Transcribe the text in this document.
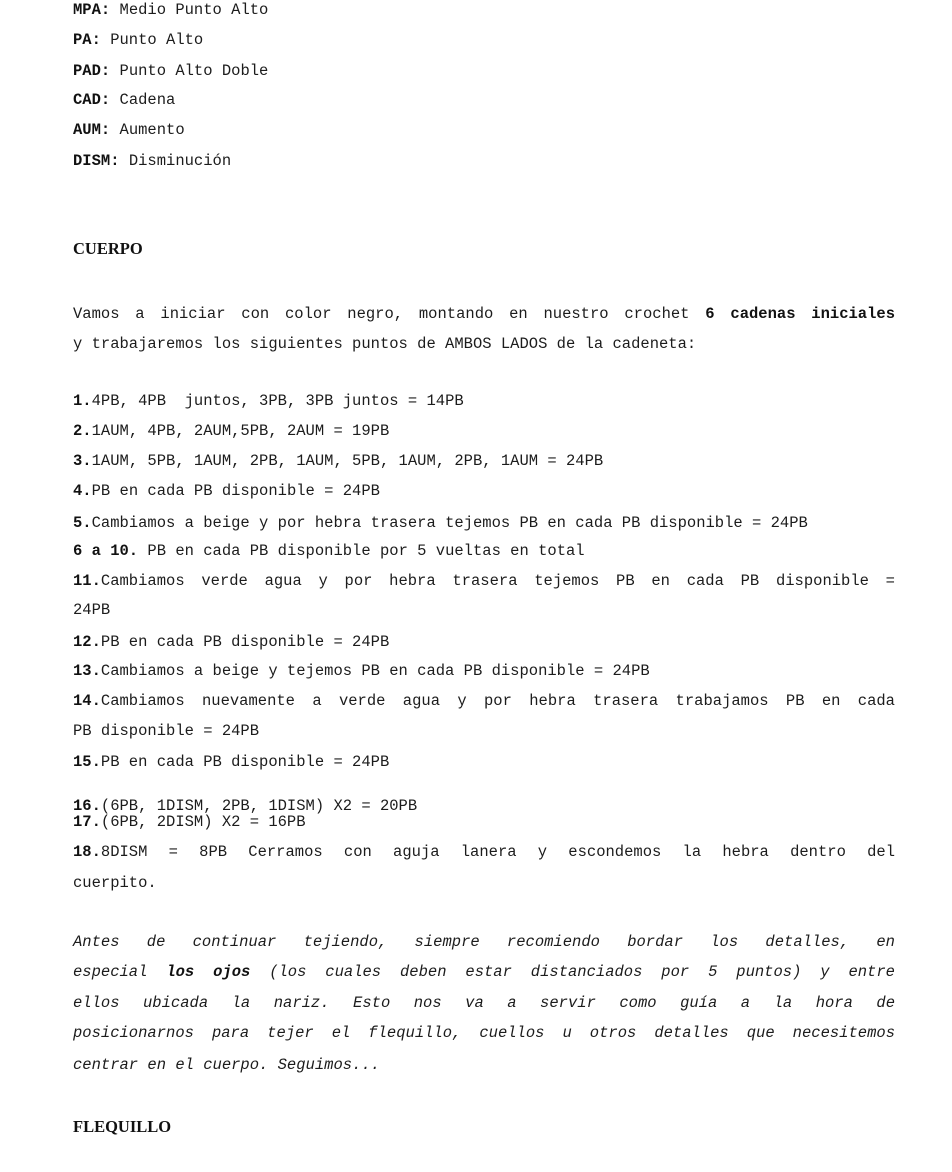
MPA: Medio Punto Alto
PA: Punto Alto
PAD: Punto Alto Doble
CAD: Cadena
AUM: Aumento
DISM: Disminución
CUERPO
Vamos a iniciar con color negro, montando en nuestro crochet 6 cadenas iniciales
y trabajaremos los siguientes puntos de AMBOS LADOS de la cadeneta:
1.4PB, 4PB  juntos, 3PB, 3PB juntos = 14PB
2.1AUM, 4PB, 2AUM,5PB, 2AUM = 19PB
3.1AUM, 5PB, 1AUM, 2PB, 1AUM, 5PB, 1AUM, 2PB, 1AUM = 24PB
4.PB en cada PB disponible = 24PB
5.Cambiamos a beige y por hebra trasera tejemos PB en cada PB disponible = 24PB
6 a 10. PB en cada PB disponible por 5 vueltas en total
11.Cambiamos verde agua y por hebra trasera tejemos PB en cada PB disponible =
24PB
12.PB en cada PB disponible = 24PB
13.Cambiamos a beige y tejemos PB en cada PB disponible = 24PB
14.Cambiamos nuevamente a verde agua y por hebra trasera trabajamos PB en cada
PB disponible = 24PB
15.PB en cada PB disponible = 24PB
16.(6PB, 1DISM, 2PB, 1DISM) X2 = 20PB
17.(6PB, 2DISM) X2 = 16PB
18.8DISM = 8PB Cerramos con aguja lanera y escondemos la hebra dentro del
cuerpito.
Antes de continuar tejiendo, siempre recomiendo bordar los detalles, en
especial los ojos (los cuales deben estar distanciados por 5 puntos) y entre
ellos ubicada la nariz. Esto nos va a servir como guía a la hora de
posicionarnos para tejer el flequillo, cuellos u otros detalles que necesitemos
centrar en el cuerpo. Seguimos...
FLEQUILLO
